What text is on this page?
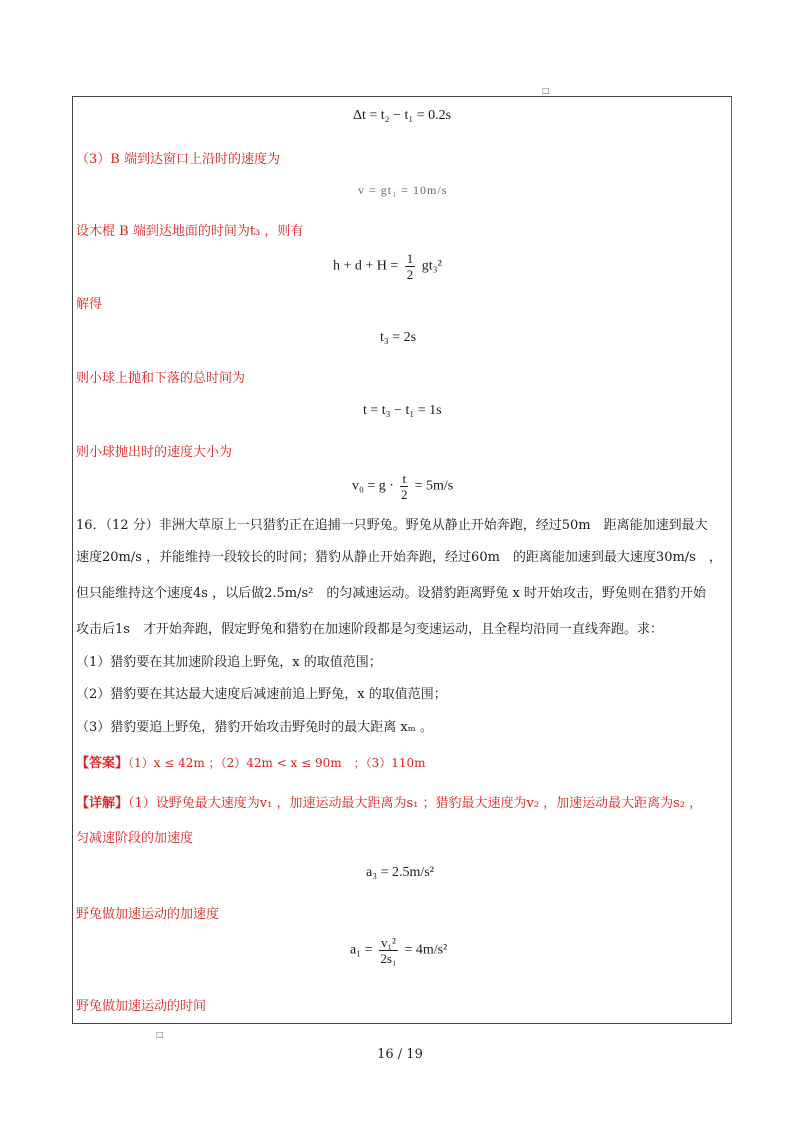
□
□
Δt = t₂ − t₁ = 0.2s
（3）B 端到达窗口上沿时的速度为
v = gt₁ = 10m/s
设木棍 B 端到达地面的时间为t₃ ，则有
$h + d + H = \frac{1}{2} gt_3^2$
解得
t₃ = 2s
则小球上抛和下落的总时间为
t = t₃ − t₁ = 1s
则小球抛出时的速度大小为
$v_0 = g \cdot \frac{t}{2} = 5m/s$
16．（12 分）非洲大草原上一只猎豹正在追捕一只野兔。野兔从静止开始奔跑，经过50m　距离能加速到最大
速度20m/s ，并能维持一段较长的时间；猎豹从静止开始奔跑，经过60m　的距离能加速到最大速度30m/s　，
但只能维持这个速度4s ，以后做2.5m/s²　的匀减速运动。设猎豹距离野兔 x 时开始攻击，野兔则在猎豹开始
攻击后1s　才开始奔跑，假定野兔和猎豹在加速阶段都是匀变速运动，且全程均沿同一直线奔跑。求：
（1）猎豹要在其加速阶段追上野兔，x 的取值范围；
（2）猎豹要在其达最大速度后减速前追上野兔，x 的取值范围；
（3）猎豹要追上野兔，猎豹开始攻击野兔时的最大距离 xₘ 。
【答案】（1）x ≤ 42m ；（2）42m < x ≤ 90m　；（3）110m
【详解】（1）设野兔最大速度为v₁ ，加速运动最大距离为s₁ ；猎豹最大速度为v₂ ，加速运动最大距离为s₂ ，
匀减速阶段的加速度
a₃ = 2.5m/s²
野兔做加速运动的加速度
$a_1 = \frac{\text{v₁²}}{\text{2s₁}} = 4m/s^2$
野兔做加速运动的时间
16 / 19
